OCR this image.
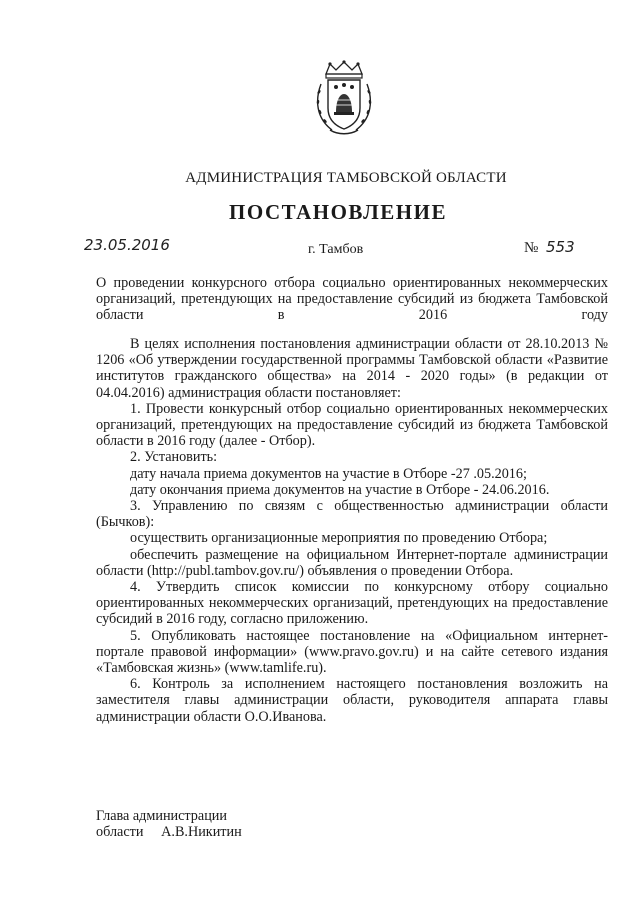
АДМИНИСТРАЦИЯ ТАМБОВСКОЙ ОБЛАСТИ
ПОСТАНОВЛЕНИЕ
23.05.2016	г. Тамбов	№ 553

О проведении конкурсного отбора социально ориентированных некоммерческих организаций, претендующих на предоставление субсидий из бюджета Тамбовской области в 2016 году

В целях исполнения постановления администрации области от 28.10.2013 № 1206 «Об утверждении государственной программы Тамбовской области «Развитие институтов гражданского общества» на 2014 - 2020 годы» (в редакции от 04.04.2016) администрация области постановляет:

1. Провести конкурсный отбор социально ориентированных некоммерческих организаций, претендующих на предоставление субсидий из бюджета Тамбовской области в 2016 году (далее - Отбор).

2. Установить:

дату начала приема документов на участие в Отборе -27 .05.2016;

дату окончания приема документов на участие в Отборе - 24.06.2016.

3. Управлению по связям с общественностью администрации области (Бычков):

осуществить организационные мероприятия по проведению Отбора;

обеспечить размещение на официальном Интернет-портале администрации области (http://publ.tambov.gov.ru/) объявления о проведении Отбора.

4. Утвердить список комиссии по конкурсному отбору социально ориентированных некоммерческих организаций, претендующих на предоставление субсидий в 2016 году, согласно приложению.

5. Опубликовать настоящее постановление на «Официальном интернет-портале правовой информации» (www.pravo.gov.ru) и на сайте сетевого издания «Тамбовская жизнь» (www.tamlife.ru).

6. Контроль за исполнением настоящего постановления возложить на заместителя главы администрации области, руководителя аппарата главы администрации области О.О.Иванова.

Глава администрации
области     А.В.Никитин
